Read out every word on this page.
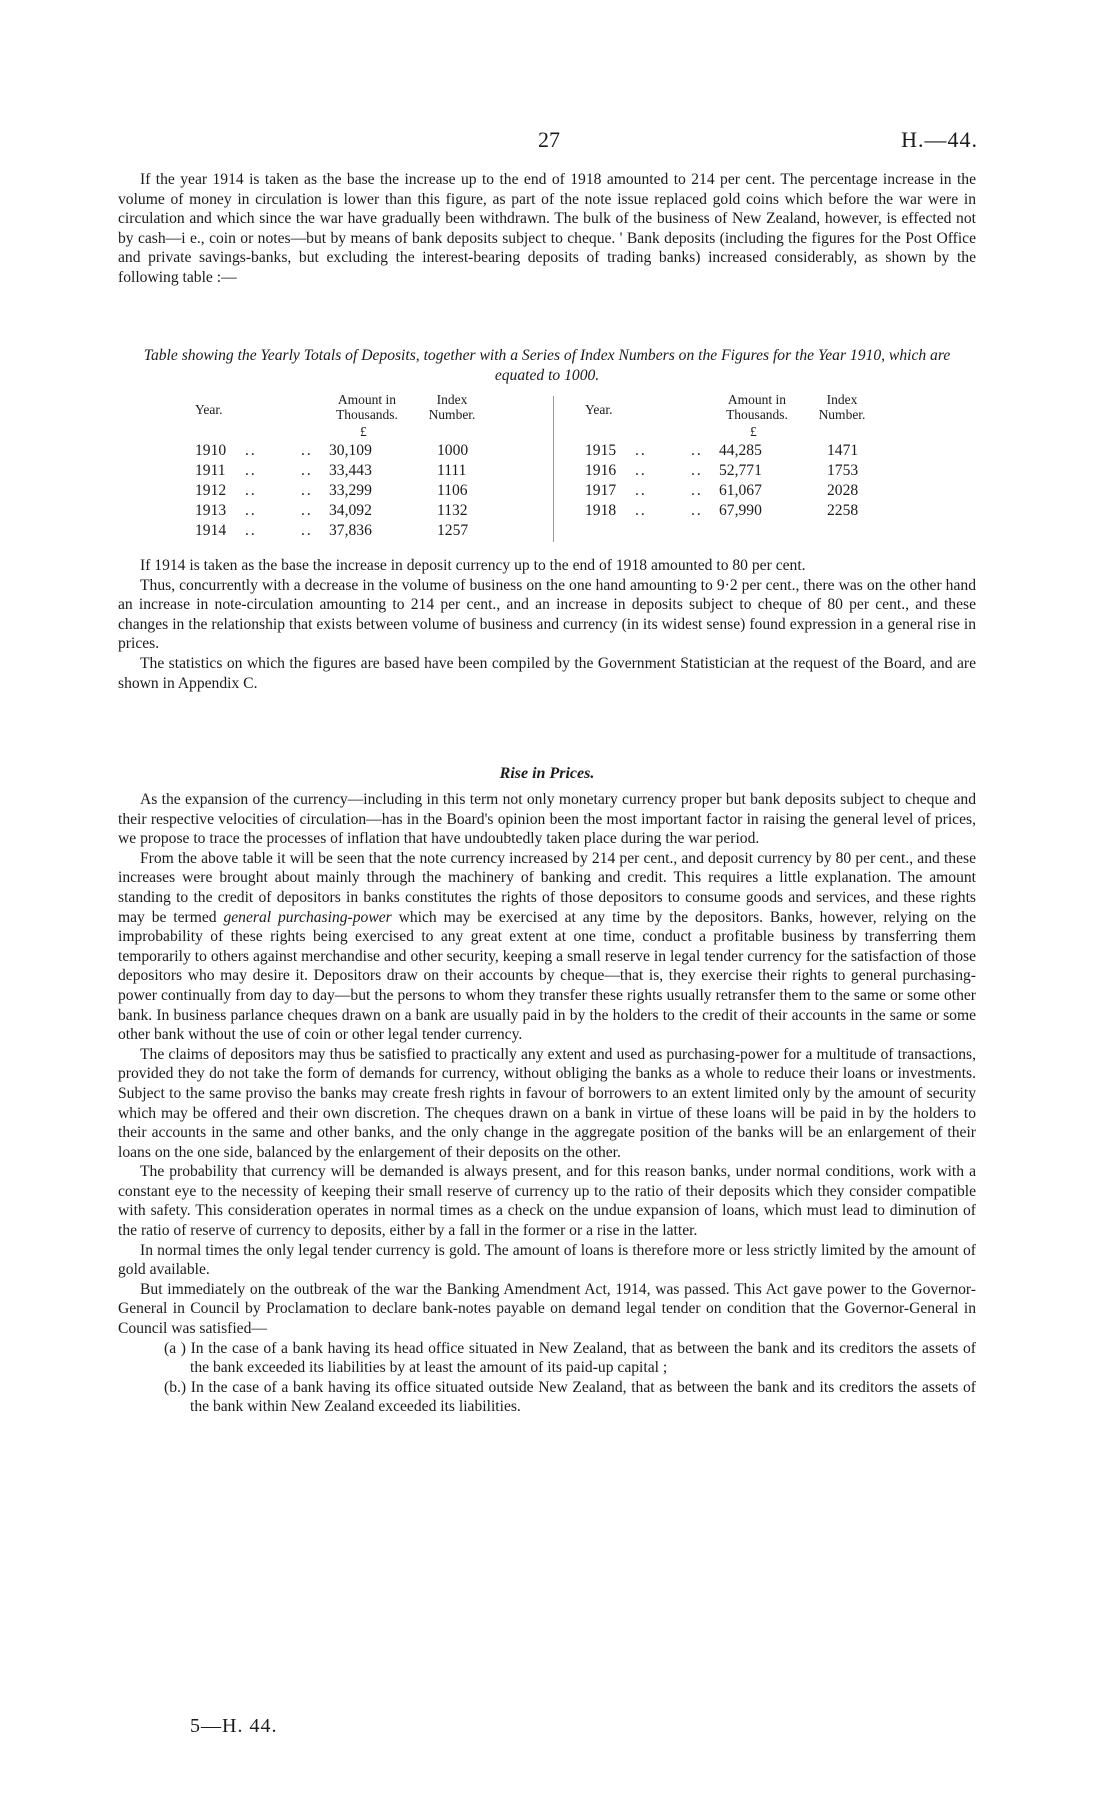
27	H.—44.

If the year 1914 is taken as the base the increase up to the end of 1918 amounted to 214 per cent. The percentage increase in the volume of money in circulation is lower than this figure, as part of the note issue replaced gold coins which before the war were in circulation and which since the war have gradually been withdrawn. The bulk of the business of New Zealand, however, is effected not by cash—i e., coin or notes—but by means of bank deposits subject to cheque. ' Bank deposits (including the figures for the Post Office and private savings-banks, but excluding the interest-bearing deposits of trading banks) increased considerably, as shown by the following table :—

Table showing the Yearly Totals of Deposits, together with a Series of Index Numbers on the Figures for the Year 1910, which are equated to 1000.
Year.
Amount in Thousands.
Index Number.
£
1910 ..	.. 30,109	1000
1911 ..	.. 33,443	1111
1912 ..	.. 33,299	1106
1913 ..	.. 34,092	1132
1914 ..	.. 37,836	1257
Year.
Amount in Thousands.
Index Number.
£
1915 ..	.. 44,285	1471
1916 ..	.. 52,771	1753
1917 ..	.. 61,067	2028
1918 ..	.. 67,990	2258

If 1914 is taken as the base the increase in deposit currency up to the end of 1918 amounted to 80 per cent.

Thus, concurrently with a decrease in the volume of business on the one hand amounting to 9·2 per cent., there was on the other hand an increase in note-circulation amounting to 214 per cent., and an increase in deposits subject to cheque of 80 per cent., and these changes in the relationship that exists between volume of business and currency (in its widest sense) found expression in a general rise in prices.

The statistics on which the figures are based have been compiled by the Government Statistician at the request of the Board, and are shown in Appendix C.

Rise in Prices.

As the expansion of the currency—including in this term not only monetary currency proper but bank deposits subject to cheque and their respective velocities of circulation—has in the Board's opinion been the most important factor in raising the general level of prices, we propose to trace the processes of inflation that have undoubtedly taken place during the war period.

From the above table it will be seen that the note currency increased by 214 per cent., and deposit currency by 80 per cent., and these increases were brought about mainly through the machinery of banking and credit. This requires a little explanation. The amount standing to the credit of depositors in banks constitutes the rights of those depositors to consume goods and services, and these rights may be termed general purchasing-power which may be exercised at any time by the depositors. Banks, however, relying on the improbability of these rights being exercised to any great extent at one time, conduct a profitable business by transferring them temporarily to others against merchandise and other security, keeping a small reserve in legal tender currency for the satisfaction of those depositors who may desire it. Depositors draw on their accounts by cheque—that is, they exercise their rights to general purchasing-power continually from day to day—but the persons to whom they transfer these rights usually retransfer them to the same or some other bank. In business parlance cheques drawn on a bank are usually paid in by the holders to the credit of their accounts in the same or some other bank without the use of coin or other legal tender currency.

The claims of depositors may thus be satisfied to practically any extent and used as purchasing-power for a multitude of transactions, provided they do not take the form of demands for currency, without obliging the banks as a whole to reduce their loans or investments. Subject to the same proviso the banks may create fresh rights in favour of borrowers to an extent limited only by the amount of security which may be offered and their own discretion. The cheques drawn on a bank in virtue of these loans will be paid in by the holders to their accounts in the same and other banks, and the only change in the aggregate position of the banks will be an enlargement of their loans on the one side, balanced by the enlargement of their deposits on the other.

The probability that currency will be demanded is always present, and for this reason banks, under normal conditions, work with a constant eye to the necessity of keeping their small reserve of currency up to the ratio of their deposits which they consider compatible with safety. This consideration operates in normal times as a check on the undue expansion of loans, which must lead to diminution of the ratio of reserve of currency to deposits, either by a fall in the former or a rise in the latter.

In normal times the only legal tender currency is gold. The amount of loans is therefore more or less strictly limited by the amount of gold available.

But immediately on the outbreak of the war the Banking Amendment Act, 1914, was passed. This Act gave power to the Governor-General in Council by Proclamation to declare bank-notes payable on demand legal tender on condition that the Governor-General in Council was satisfied—

(a ) In the case of a bank having its head office situated in New Zealand, that as between the bank and its creditors the assets of the bank exceeded its liabilities by at least the amount of its paid-up capital ;

(b.) In the case of a bank having its office situated outside New Zealand, that as between the bank and its creditors the assets of the bank within New Zealand exceeded its liabilities.

5—H. 44.
